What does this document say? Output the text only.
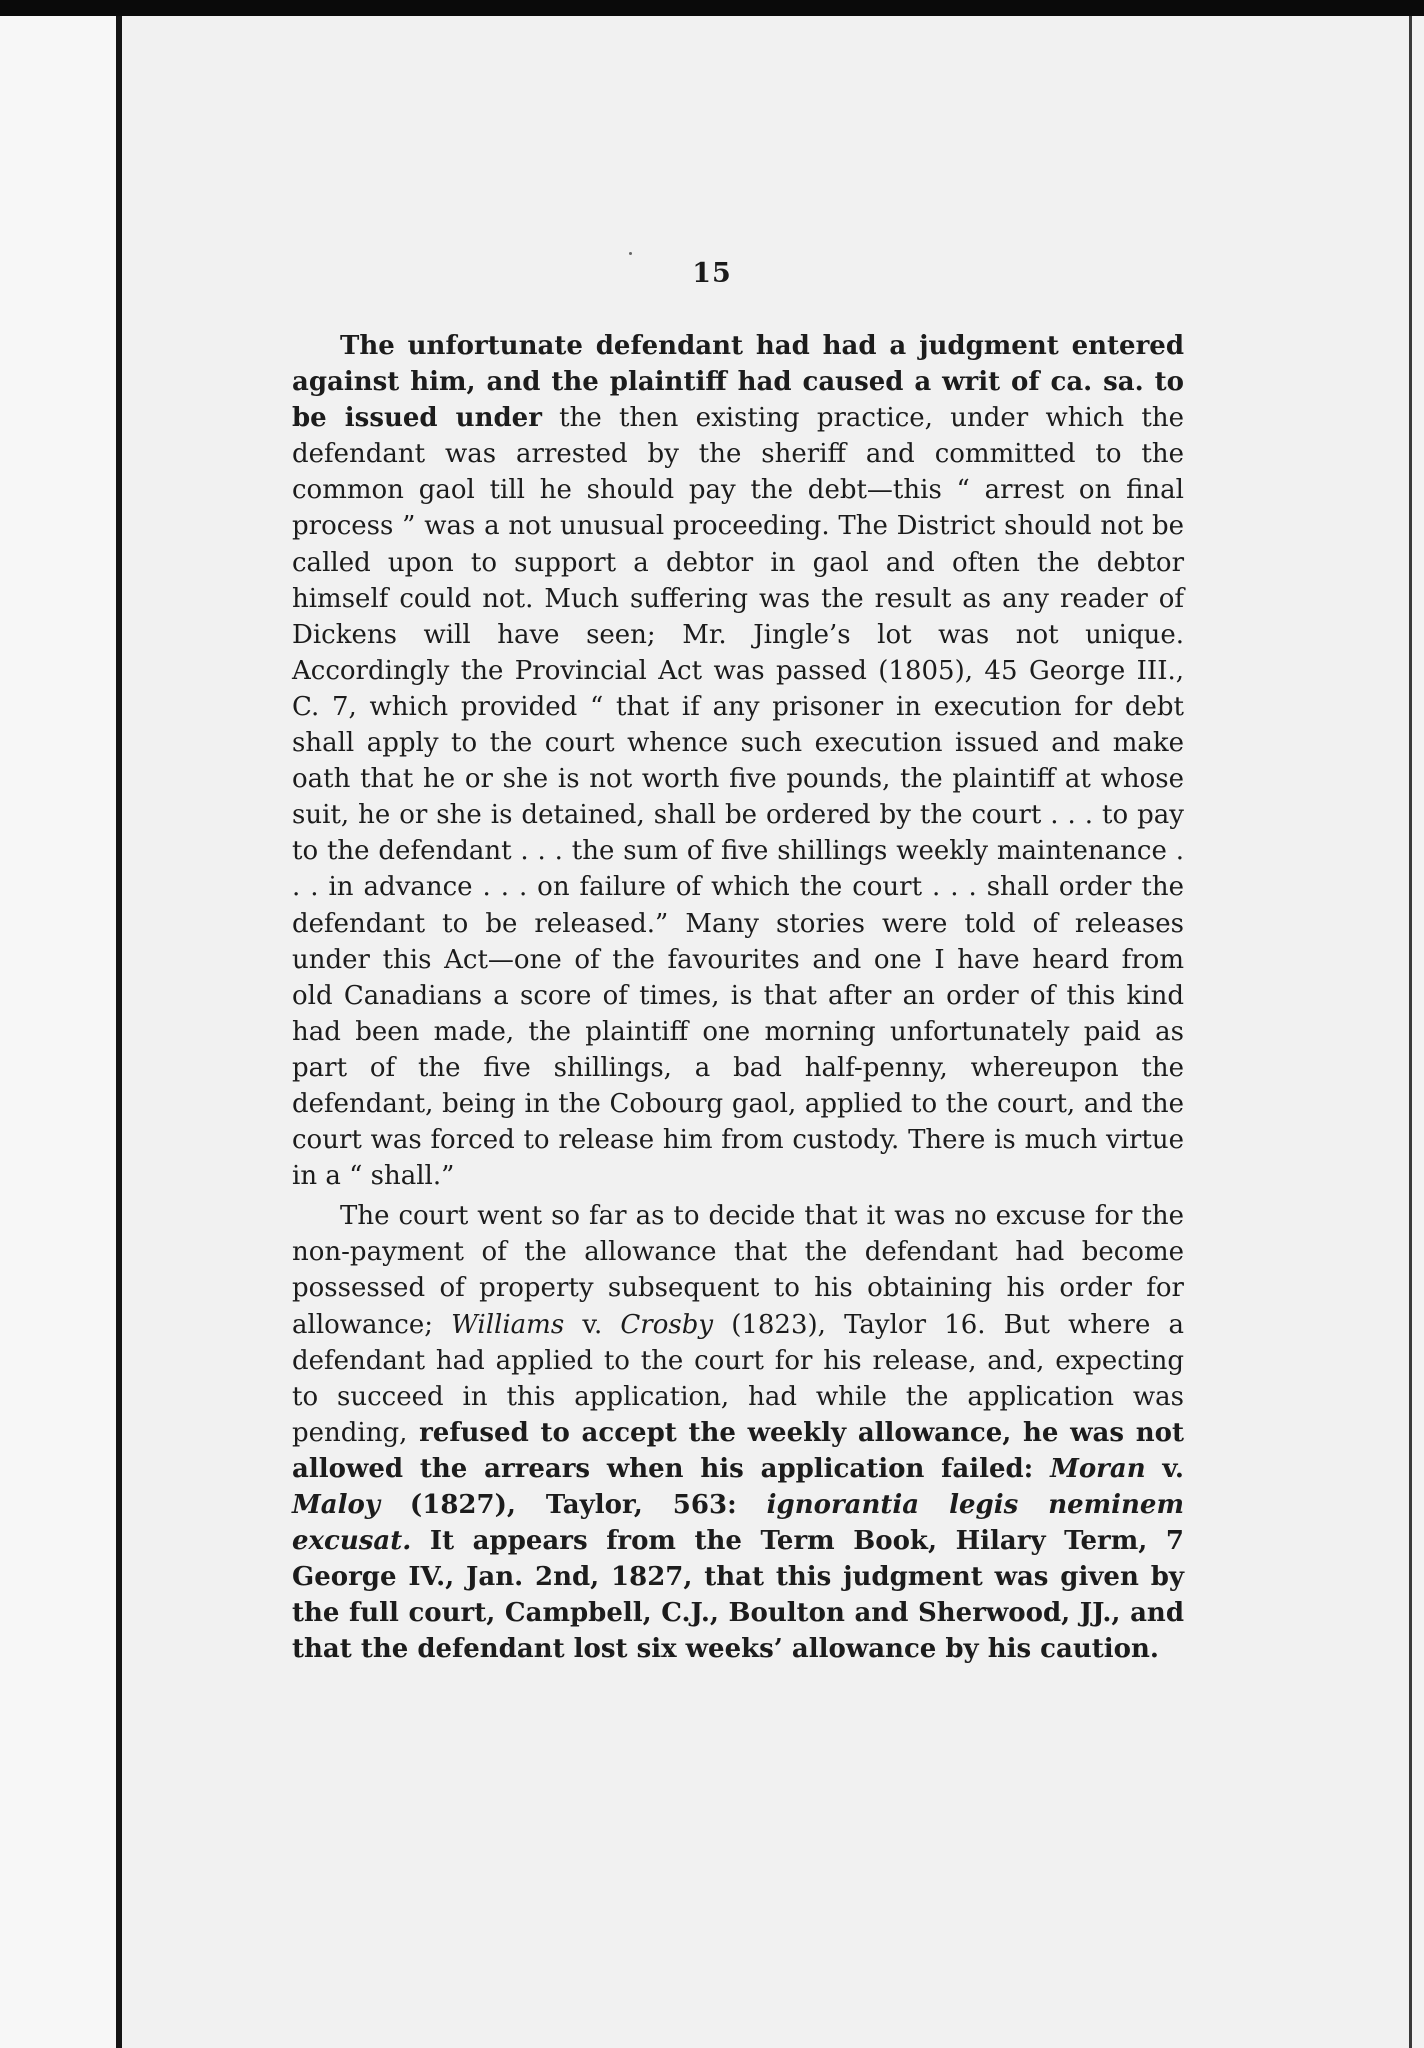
15

The unfortunate defendant had had a judgment entered against him, and the plaintiff had caused a writ of ca. sa. to be issued under the then existing practice, under which the defendant was arrested by the sheriff and committed to the common gaol till he should pay the debt—this “ arrest on final process ” was a not unusual proceeding. The District should not be called upon to support a debtor in gaol and often the debtor himself could not. Much suffering was the result as any reader of Dickens will have seen; Mr. Jingle’s lot was not unique. Accordingly the Provincial Act was passed (1805), 45 George III., C. 7, which provided “ that if any prisoner in execution for debt shall apply to the court whence such execution issued and make oath that he or she is not worth five pounds, the plaintiff at whose suit, he or she is detained, shall be ordered by the court . . . to pay to the defendant . . . the sum of five shillings weekly maintenance . . . in advance . . . on failure of which the court . . . shall order the defendant to be released.” Many stories were told of releases under this Act—one of the favourites and one I have heard from old Canadians a score of times, is that after an order of this kind had been made, the plaintiff one morning unfortunately paid as part of the five shillings, a bad half-penny, whereupon the defendant, being in the Cobourg gaol, applied to the court, and the court was forced to release him from custody. There is much virtue in a “ shall.”

The court went so far as to decide that it was no excuse for the non-payment of the allowance that the defendant had become possessed of property subsequent to his obtaining his order for allowance; Williams v. Crosby (1823), Taylor 16. But where a defendant had applied to the court for his release, and, expecting to succeed in this application, had while the application was pending, refused to accept the weekly allowance, he was not allowed the arrears when his application failed: Moran v. Maloy (1827), Taylor, 563: ignorantia legis neminem excusat. It appears from the Term Book, Hilary Term, 7 George IV., Jan. 2nd, 1827, that this judgment was given by the full court, Campbell, C.J., Boulton and Sherwood, JJ., and that the defendant lost six weeks’ allowance by his caution.
